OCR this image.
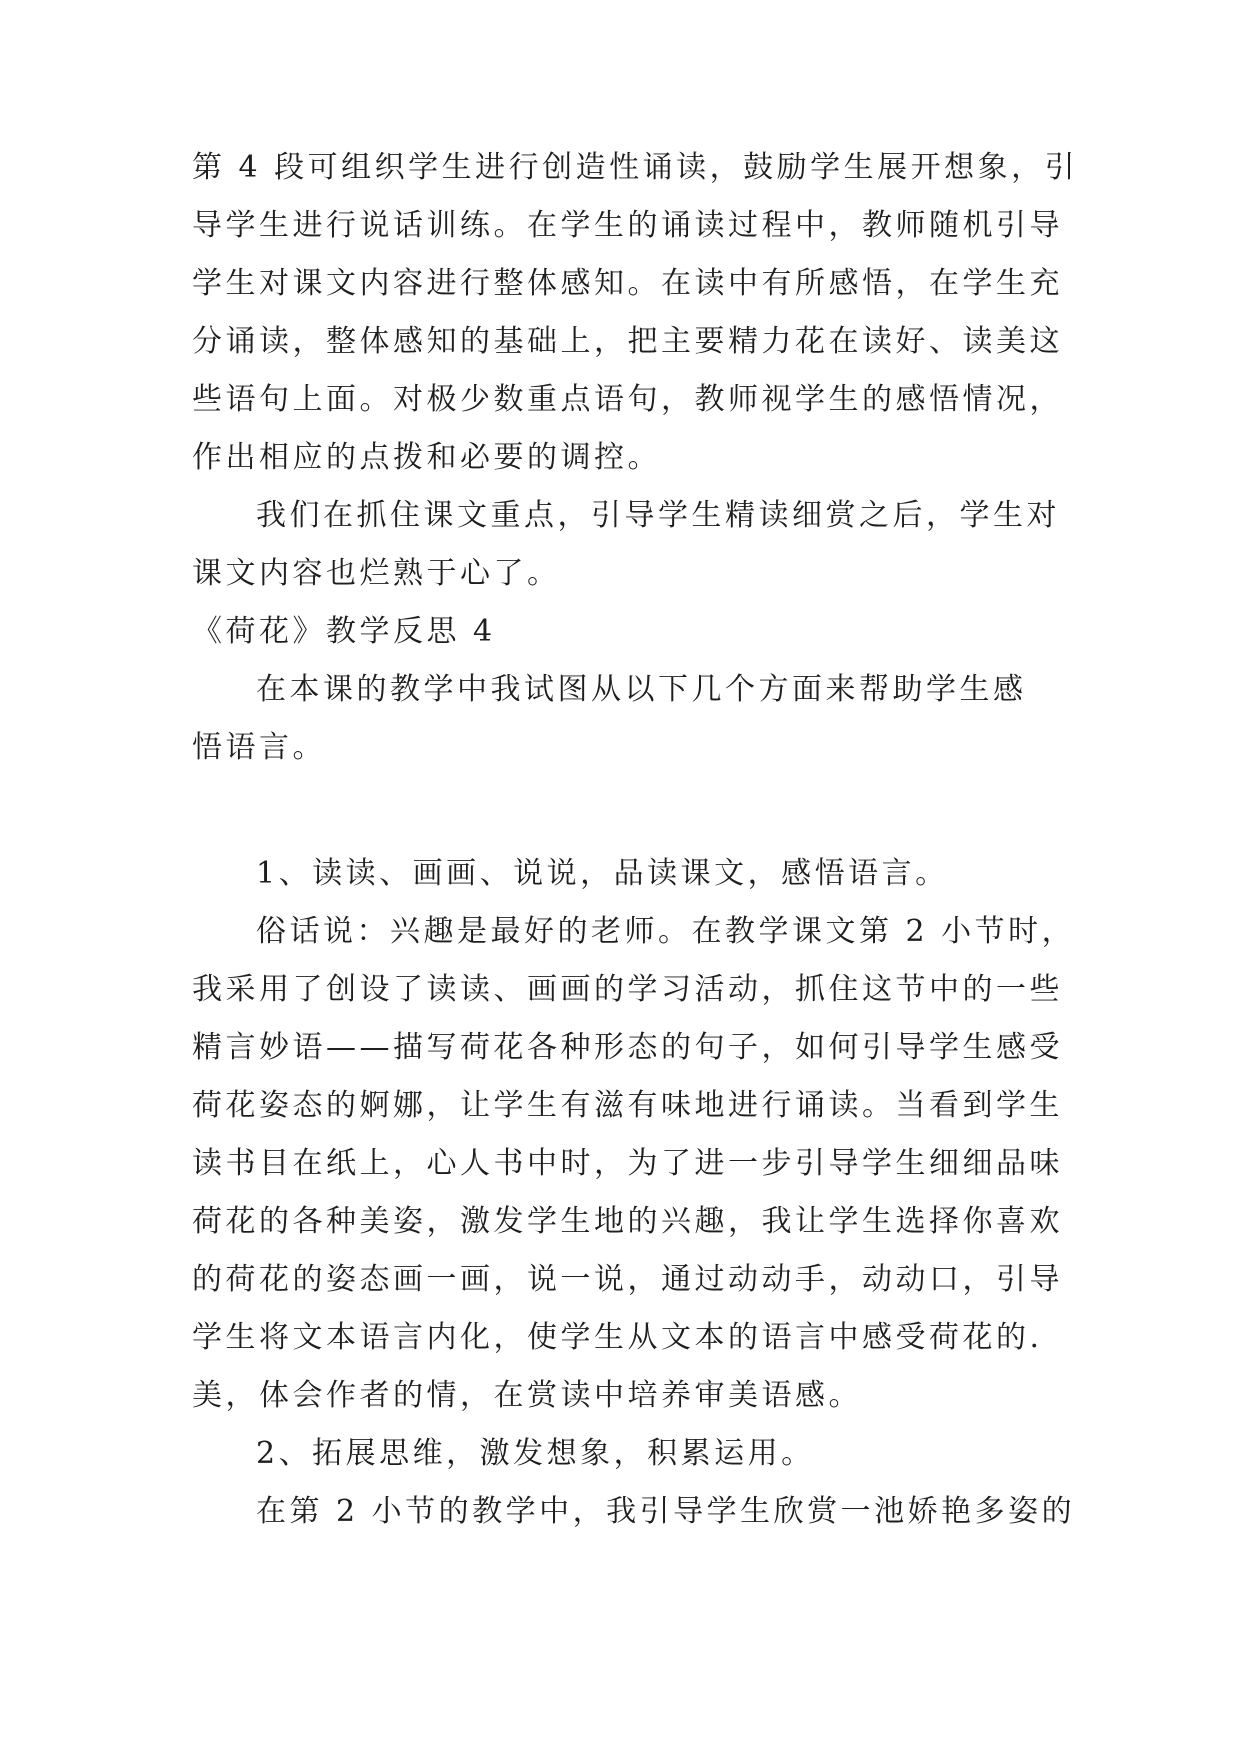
第 4 段可组织学生进行创造性诵读，鼓励学生展开想象，引
导学生进行说话训练。在学生的诵读过程中，教师随机引导
学生对课文内容进行整体感知。在读中有所感悟，在学生充
分诵读，整体感知的基础上，把主要精力花在读好、读美这
些语句上面。对极少数重点语句，教师视学生的感悟情况，
作出相应的点拨和必要的调控。
我们在抓住课文重点，引导学生精读细赏之后，学生对
课文内容也烂熟于心了。
《荷花》教学反思 4
在本课的教学中我试图从以下几个方面来帮助学生感
悟语言。
1、读读、画画、说说，品读课文，感悟语言。
俗话说：兴趣是最好的老师。在教学课文第 2 小节时，
我采用了创设了读读、画画的学习活动，抓住这节中的一些
精言妙语——描写荷花各种形态的句子，如何引导学生感受
荷花姿态的婀娜，让学生有滋有味地进行诵读。当看到学生
读书目在纸上，心人书中时，为了进一步引导学生细细品味
荷花的各种美姿，激发学生地的兴趣，我让学生选择你喜欢
的荷花的姿态画一画，说一说，通过动动手，动动口，引导
学生将文本语言内化，使学生从文本的语言中感受荷花的.
美，体会作者的情，在赏读中培养审美语感。
2、拓展思维，激发想象，积累运用。
在第 2 小节的教学中，我引导学生欣赏一池娇艳多姿的
